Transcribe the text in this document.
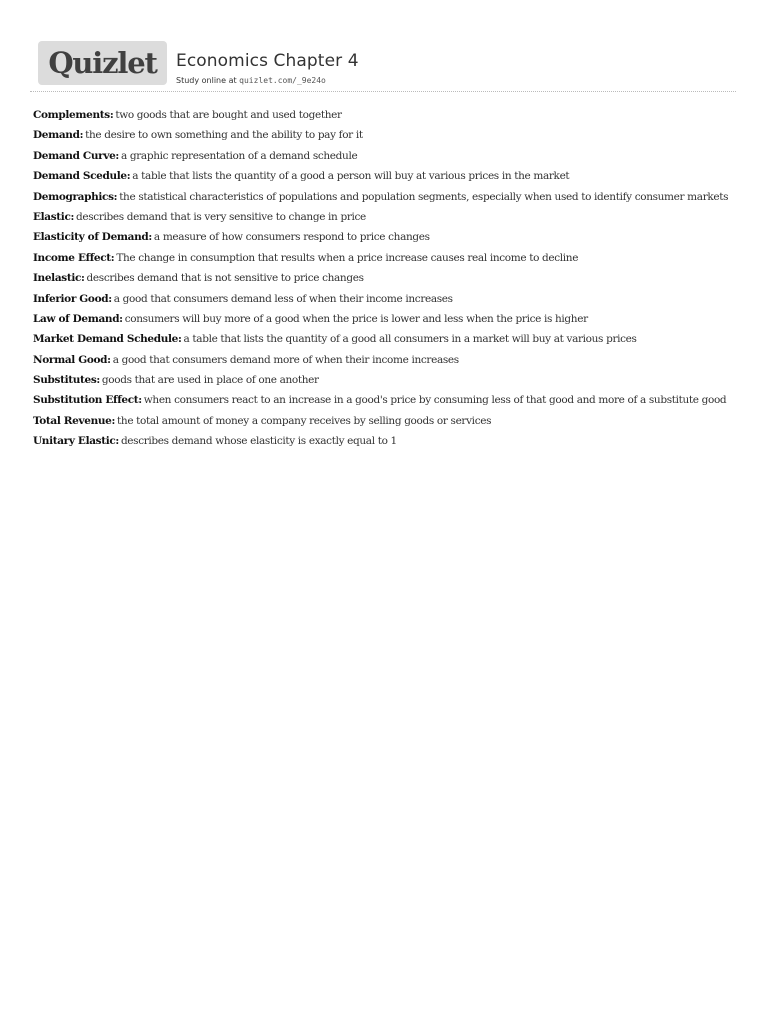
Quizlet	Economics Chapter 4
Study online at quizlet.com/_9e24o
Complements: two goods that are bought and used together
Demand: the desire to own something and the ability to pay for it
Demand Curve: a graphic representation of a demand schedule
Demand Scedule: a table that lists the quantity of a good a person will buy at various prices in the market
Demographics: the statistical characteristics of populations and population segments, especially when used to identify consumer markets
Elastic: describes demand that is very sensitive to change in price
Elasticity of Demand: a measure of how consumers respond to price changes
Income Effect: The change in consumption that results when a price increase causes real income to decline
Inelastic: describes demand that is not sensitive to price changes
Inferior Good: a good that consumers demand less of when their income increases
Law of Demand: consumers will buy more of a good when the price is lower and less when the price is higher
Market Demand Schedule: a table that lists the quantity of a good all consumers in a market will buy at various prices
Normal Good: a good that consumers demand more of when their income increases
Substitutes: goods that are used in place of one another
Substitution Effect: when consumers react to an increase in a good's price by consuming less of that good and more of a substitute good
Total Revenue: the total amount of money a company receives by selling goods or services
Unitary Elastic: describes demand whose elasticity is exactly equal to 1
